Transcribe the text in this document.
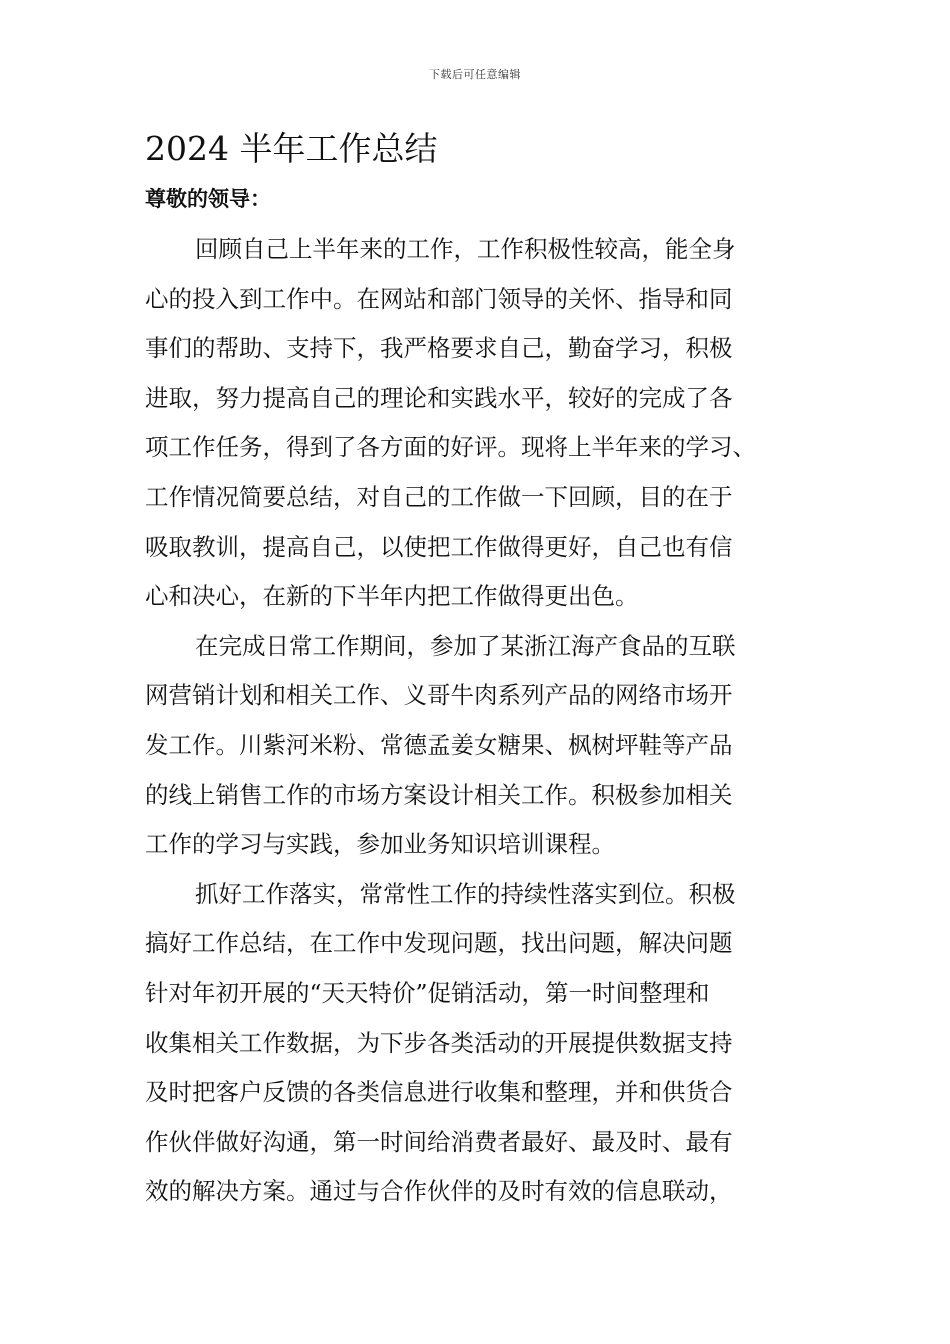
下载后可任意编辑
2024 半年工作总结
尊敬的领导：
回顾自己上半年来的工作，工作积极性较高，能全身
心的投入到工作中。在网站和部门领导的关怀、指导和同
事们的帮助、支持下，我严格要求自己，勤奋学习，积极
进取，努力提高自己的理论和实践水平，较好的完成了各
项工作任务，得到了各方面的好评。现将上半年来的学习、
工作情况简要总结，对自己的工作做一下回顾，目的在于
吸取教训，提高自己，以使把工作做得更好，自己也有信
心和决心，在新的下半年内把工作做得更出色。
在完成日常工作期间，参加了某浙江海产食品的互联
网营销计划和相关工作、义哥牛肉系列产品的网络市场开
发工作。川紫河米粉、常德孟姜女糖果、枫树坪鞋等产品
的线上销售工作的市场方案设计相关工作。积极参加相关
工作的学习与实践，参加业务知识培训课程。
抓好工作落实，常常性工作的持续性落实到位。积极
搞好工作总结，在工作中发现问题，找出问题，解决问题
针对年初开展的“天天特价”促销活动，第一时间整理和
收集相关工作数据，为下步各类活动的开展提供数据支持
及时把客户反馈的各类信息进行收集和整理，并和供货合
作伙伴做好沟通，第一时间给消费者最好、最及时、最有
效的解决方案。通过与合作伙伴的及时有效的信息联动，
